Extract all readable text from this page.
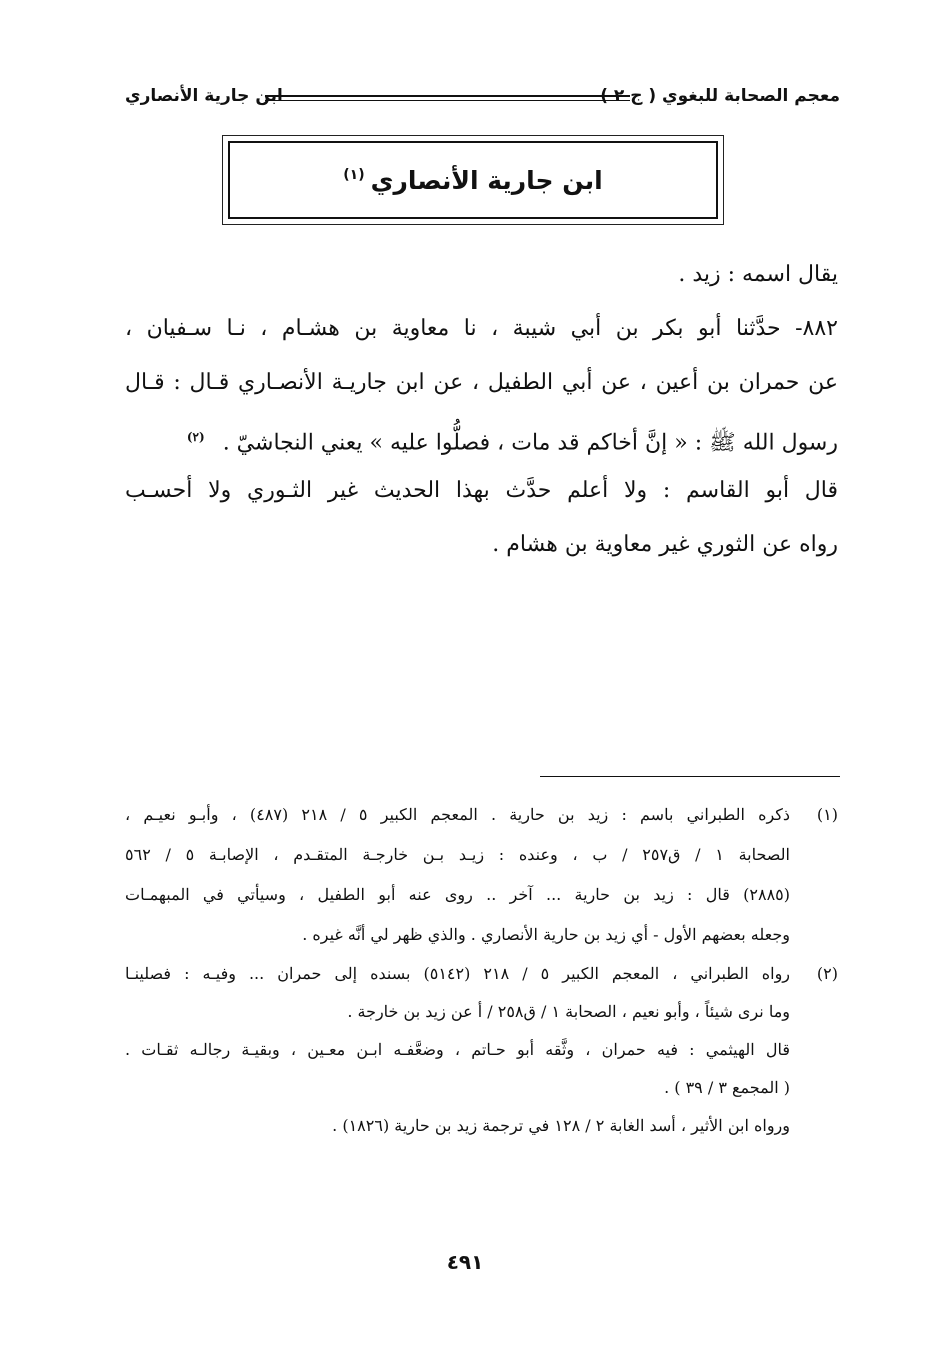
معجم الصحابة للبغوي ( ج ٢ )
ابن جارية الأنصاري
ابن جارية الأنصاري$^{(١)}$
يقال اسمه : زيد .
٨٨٢- حدَّثنا أبو بكر بن أبي شيبة ، نا معاوية بن هشـام ، نـا سـفيان ،
عن حمران بن أعين ، عن أبي الطفيل ، عن ابن جاريـة الأنصـاري قـال : قـال
رسول الله ﷺ : « إنَّ أخاكم قد مات ، فصلُّوا عليه » يعني النجاشيّ .$^{(٢)}$
قال أبو القاسم : ولا أعلم حدَّث بهذا الحديث غير الثـوري ولا أحسـب
رواه عن الثوري غير معاوية بن هشام .
(١)
ذكره الطبراني باسم : زيد بن حارية . المعجم الكبير ٥ / ٢١٨ (٤٨٧) ، وأبـو نعيـم ،
الصحابة ١ / ق٢٥٧ / ب ، وعنده : زيـد بـن خارجـة المتقـدم ، الإصابـة ٥ / ٥٦٢
(٢٨٨٥) قال : زيد بن حارية ... آخر .. روى عنه أبو الطفيل ، وسيأتي في المبهمـات
وجعله بعضهم الأول - أي زيد بن حارية الأنصاري . والذي ظهر لي أنَّه غيره .
(٢)
رواه الطبراني ، المعجم الكبير ٥ / ٢١٨ (٥١٤٢) بسنده إلى حمران ... وفيـه : فصلينـا
وما نرى شيئاً ، وأبو نعيم ، الصحابة ١ / ق٢٥٨ / أ عن زيد بن خارجة .
قال الهيثمي : فيه حمران ، وثَّقه أبو حـاتم ، وضعَّفـه ابـن معـين ، وبقيـة رجالـه ثقـات .
( المجمع ٣ / ٣٩ ) .
ورواه ابن الأثير ، أسد الغابة ٢ / ١٢٨ في ترجمة زيد بن حارية (١٨٢٦) .
٤٩١
